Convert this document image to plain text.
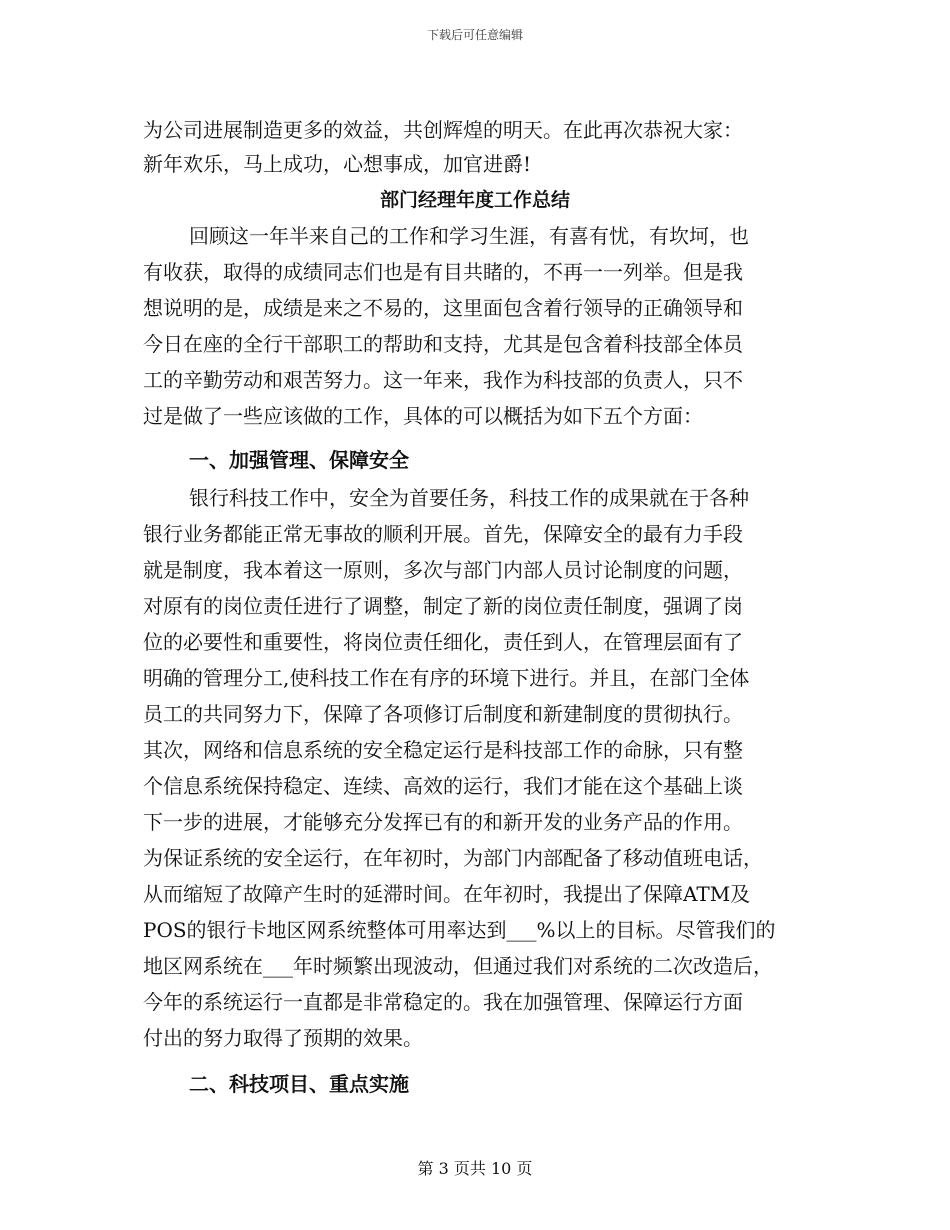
下载后可任意编辑
为公司进展制造更多的效益，共创辉煌的明天。在此再次恭祝大家：
新年欢乐，马上成功，心想事成，加官进爵!
部门经理年度工作总结
回顾这一年半来自己的工作和学习生涯，有喜有忧，有坎坷，也
有收获，取得的成绩同志们也是有目共睹的，不再一一列举。但是我
想说明的是，成绩是来之不易的，这里面包含着行领导的正确领导和
今日在座的全行干部职工的帮助和支持，尤其是包含着科技部全体员
工的辛勤劳动和艰苦努力。这一年来，我作为科技部的负责人，只不
过是做了一些应该做的工作，具体的可以概括为如下五个方面：
一、加强管理、保障安全
银行科技工作中，安全为首要任务，科技工作的成果就在于各种
银行业务都能正常无事故的顺利开展。首先，保障安全的最有力手段
就是制度，我本着这一原则，多次与部门内部人员讨论制度的问题，
对原有的岗位责任进行了调整，制定了新的岗位责任制度，强调了岗
位的必要性和重要性，将岗位责任细化，责任到人，在管理层面有了
明确的管理分工,使科技工作在有序的环境下进行。并且，在部门全体
员工的共同努力下，保障了各项修订后制度和新建制度的贯彻执行。
其次，网络和信息系统的安全稳定运行是科技部工作的命脉，只有整
个信息系统保持稳定、连续、高效的运行，我们才能在这个基础上谈
下一步的进展，才能够充分发挥已有的和新开发的业务产品的作用。
为保证系统的安全运行，在年初时，为部门内部配备了移动值班电话，
从而缩短了故障产生时的延滞时间。在年初时，我提出了保障ATM及
POS的银行卡地区网系统整体可用率达到___%以上的目标。尽管我们的
地区网系统在___年时频繁出现波动，但通过我们对系统的二次改造后，
今年的系统运行一直都是非常稳定的。我在加强管理、保障运行方面
付出的努力取得了预期的效果。
二、科技项目、重点实施
第 3 页共 10 页
